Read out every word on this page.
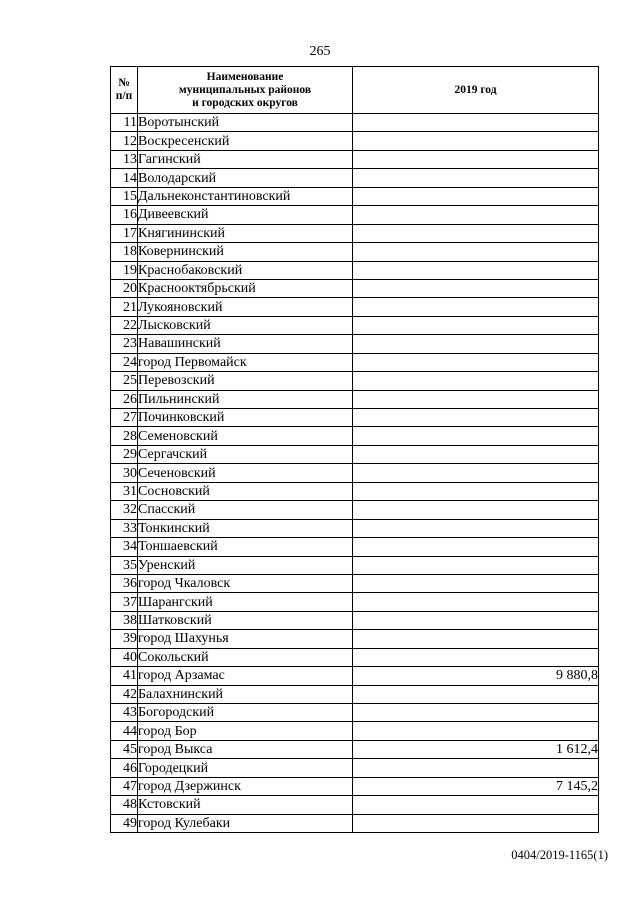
265
№
п/п	Наименование
муниципальных районов
и городских округов	2019 год
11	Воротынский	
12	Воскресенский	
13	Гагинский	
14	Володарский	
15	Дальнеконстантиновский	
16	Дивеевский	
17	Княгининский	
18	Ковернинский	
19	Краснобаковский	
20	Краснооктябрьский	
21	Лукояновский	
22	Лысковский	
23	Навашинский	
24	город Первомайск	
25	Перевозский	
26	Пильнинский	
27	Починковский	
28	Семеновский	
29	Сергачский	
30	Сеченовский	
31	Сосновский	
32	Спасский	
33	Тонкинский	
34	Тоншаевский	
35	Уренский	
36	город Чкаловск	
37	Шарангский	
38	Шатковский	
39	город Шахунья	
40	Сокольский	
41	город Арзамас	9 880,8
42	Балахнинский	
43	Богородский	
44	город Бор	
45	город Выкса	1 612,4
46	Городецкий	
47	город Дзержинск	7 145,2
48	Кстовский	
49	город Кулебаки	
0404/2019-1165(1)
